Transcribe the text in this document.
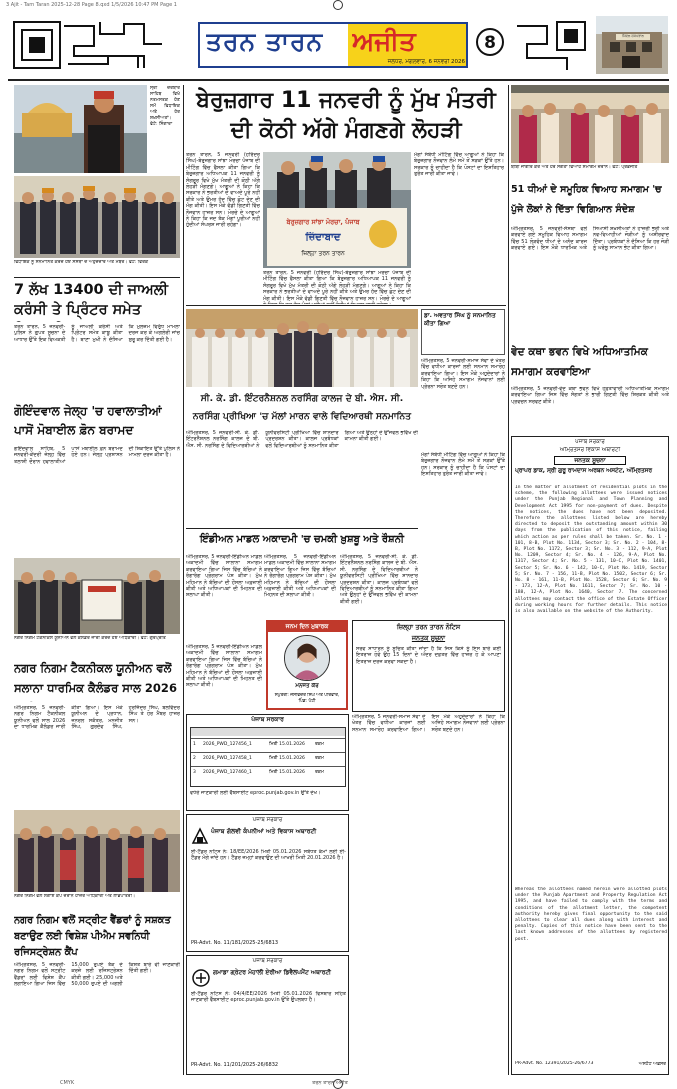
3 Ajit - Tarn Taran 2025-12-28 Page 8.qxd 1/5/2026 10:47 PM Page 1
ਤਰਨ ਤਾਰਨ	ਅਜੀਤ
ਜਲੰਧਰ, ਮੰਗਲਵਾਰ, 6 ਜਨਵਰੀ 2026
8	ਸਿਵਲ ਹਸਪਤਾਲ
ਸ੍ਰੀ ਦਰਬਾਰ ਸਾਹਿਬ ਵਿਖੇ ਨਤਮਸਤਕ ਹੋਣ ਸਮੇਂ ਵਿਧਾਇਕ ਅਤੇ ਹੋਰ ਸ਼ਖ਼ਸੀਅਤਾਂ। ਫੋਟੋ: ਸਿੰਗਾਰਾ
ਵਿਧਾਇਕ ਨੂੰ ਸਨਮਾਨਿਤ ਕਰਦੇ ਹੋਏ ਸੰਸਥਾ ਦੇ ਅਹੁਦੇਦਾਰ ਅਤੇ ਮੈਂਬਰ। ਫੋਟੋ: ਵਿਰਕ
7 ਲੱਖ 13400 ਦੀ ਜਾਅਲੀ ਕਰੰਸੀ ਤੇ ਪ੍ਰਿੰਟਰ ਸਮੇਤ
ਤਰਨ ਤਾਰਨ, 5 ਜਨਵਰੀ-ਪੁਲਿਸ ਨੇ ਗੁਪਤ ਸੂਚਨਾ ਦੇ ਆਧਾਰ ਉੱਤੇ ਇਕ ਵਿਅਕਤੀ ਨੂੰ ਜਾਅਲੀ ਕਰੰਸੀ ਅਤੇ ਪ੍ਰਿੰਟਰ ਸਮੇਤ ਕਾਬੂ ਕੀਤਾ ਹੈ। ਥਾਣਾ ਮੁਖੀ ਨੇ ਦੱਸਿਆ ਕਿ ਮੁਲਜ਼ਮ ਵਿਰੁੱਧ ਮਾਮਲਾ ਦਰਜ ਕਰ ਕੇ ਅਗਲੇਰੀ ਜਾਂਚ ਸ਼ੁਰੂ ਕਰ ਦਿੱਤੀ ਗਈ ਹੈ।
ਗੋਇੰਦਵਾਲ ਜੇਲ੍ਹ 'ਚ ਹਵਾਲਾਤੀਆਂ ਪਾਸੋਂ ਮੋਬਾਈਲ ਫ਼ੋਨ ਬਰਾਮਦ
ਗੋਇੰਦਵਾਲ ਸਾਹਿਬ, 5 ਜਨਵਰੀ-ਕੇਂਦਰੀ ਜੇਲ੍ਹ ਵਿੱਚ ਤਲਾਸ਼ੀ ਦੌਰਾਨ ਹਵਾਲਾਤੀਆਂ ਪਾਸੋਂ ਮੋਬਾਈਲ ਫ਼ੋਨ ਬਰਾਮਦ ਹੋਏ ਹਨ। ਜੇਲ੍ਹ ਪ੍ਰਸ਼ਾਸਨ ਦੀ ਸ਼ਿਕਾਇਤ ਉੱਤੇ ਪੁਲਿਸ ਨੇ ਮਾਮਲਾ ਦਰਜ ਕੀਤਾ ਹੈ।
ਨਗਰ ਨਿਗਮ ਟੈਕਨੀਕਲ ਯੂਨੀਅਨ ਵੱਲੋਂ ਕੈਲੰਡਰ ਜਾਰੀ ਕਰਦੇ ਹੋਏ ਅਧਿਕਾਰੀ। ਫੋਟੋ: ਗੁਰਪ੍ਰੀਤ
ਨਗਰ ਨਿਗਮ ਟੈਕਨੀਕਲ ਯੂਨੀਅਨ ਵਲੋਂ ਸਲਾਨਾ ਧਾਰਮਿਕ ਕੈਲੰਡਰ ਸਾਲ 2026
ਅੰਮ੍ਰਿਤਸਰ, 5 ਜਨਵਰੀ-ਨਗਰ ਨਿਗਮ ਟੈਕਨੀਕਲ ਯੂਨੀਅਨ ਵਲੋਂ ਸਾਲ 2026 ਦਾ ਧਾਰਮਿਕ ਕੈਲੰਡਰ ਜਾਰੀ ਕੀਤਾ ਗਿਆ। ਇਸ ਮੌਕੇ ਯੂਨੀਅਨ ਦੇ ਪ੍ਰਧਾਨ, ਜਨਰਲ ਸਕੱਤਰ, ਮਨਜੀਤ ਸਿੰਘ, ਗੁਰਦੇਵ ਸਿੰਘ, ਹਰਜਿੰਦਰ ਸਿੰਘ, ਬਲਵਿੰਦਰ ਸਿੰਘ ਤੇ ਹੋਰ ਮੈਂਬਰ ਹਾਜ਼ਰ ਸਨ।
ਨਗਰ ਨਿਗਮ ਵਲੋਂ ਲਗਾਏ ਕੈਂਪ ਦੌਰਾਨ ਹਾਜ਼ਰ ਅਧਿਕਾਰੀ ਅਤੇ ਲਾਭਪਾਤਰੀ।
ਨਗਰ ਨਿਗਮ ਵਲੋਂ ਸਟ੍ਰੀਟ ਵੈਂਡਰਾਂ ਨੂੰ ਸਸ਼ਕਤ ਬਣਾਉਣ ਲਈ ਵਿਸ਼ੇਸ਼ ਪੀਐਮ ਸਵਨਿਧੀ ਰਜਿਸਟ੍ਰੇਸ਼ਨ ਕੈਂਪ
ਅੰਮ੍ਰਿਤਸਰ, 5 ਜਨਵਰੀ-ਨਗਰ ਨਿਗਮ ਵਲੋਂ ਸਟ੍ਰੀਟ ਵੈਂਡਰਾਂ ਲਈ ਵਿਸ਼ੇਸ਼ ਕੈਂਪ ਲਗਾਇਆ ਗਿਆ ਜਿਸ ਵਿੱਚ 15,000 ਰੁਪਏ ਤੱਕ ਦੇ ਕਰਜ਼ੇ ਲਈ ਰਜਿਸਟ੍ਰੇਸ਼ਨ ਕੀਤੀ ਗਈ। 25,000 ਅਤੇ 50,000 ਰੁਪਏ ਦੀ ਅਗਲੀ ਕਿਸ਼ਤ ਬਾਰੇ ਵੀ ਜਾਣਕਾਰੀ ਦਿੱਤੀ ਗਈ।
ਬੇਰੁਜ਼ਗਾਰ 11 ਜਨਵਰੀ ਨੂੰ ਮੁੱਖ ਮੰਤਰੀ
ਦੀ ਕੋਠੀ ਅੱਗੇ ਮੰਗਣਗੇ ਲੋਹੜੀ
ਤਰਨ ਤਾਰਨ, 5 ਜਨਵਰੀ (ਹਰਿੰਦਰ ਸਿੰਘ)-ਬੇਰੁਜ਼ਗਾਰ ਸਾਂਝਾ ਮੋਰਚਾ ਪੰਜਾਬ ਦੀ ਮੀਟਿੰਗ ਵਿੱਚ ਫੈਸਲਾ ਕੀਤਾ ਗਿਆ ਕਿ ਬੇਰੁਜ਼ਗਾਰ ਅਧਿਆਪਕ 11 ਜਨਵਰੀ ਨੂੰ ਸੰਗਰੂਰ ਵਿਖੇ ਮੁੱਖ ਮੰਤਰੀ ਦੀ ਕੋਠੀ ਅੱਗੇ ਲੋਹੜੀ ਮੰਗਣਗੇ। ਆਗੂਆਂ ਨੇ ਕਿਹਾ ਕਿ ਸਰਕਾਰ ਨੇ ਭਰਤੀਆਂ ਦੇ ਵਾਅਦੇ ਪੂਰੇ ਨਹੀਂ ਕੀਤੇ ਅਤੇ ਉਮਰ ਹੱਦ ਵਿੱਚ ਛੋਟ ਦੇਣ ਦੀ ਮੰਗ ਕੀਤੀ। ਇਸ ਮੌਕੇ ਵੱਡੀ ਗਿਣਤੀ ਵਿੱਚ ਨੌਜਵਾਨ ਹਾਜ਼ਰ ਸਨ। ਮੋਰਚੇ ਦੇ ਆਗੂਆਂ ਨੇ ਕਿਹਾ ਕਿ ਜਦ ਤੱਕ ਮੰਗਾਂ ਪੂਰੀਆਂ ਨਹੀਂ ਹੁੰਦੀਆਂ ਸੰਘਰਸ਼ ਜਾਰੀ ਰਹੇਗਾ।	ਬੇਰੁਜ਼ਗਾਰ ਸਾਂਝਾ ਮੋਰਚਾ, ਪੰਜਾਬ
ਜ਼ਿੰਦਾਬਾਦ
ਜ਼ਿਲ੍ਹਾ ਤਰਨ ਤਾਰਨ
ਤਰਨ ਤਾਰਨ, 5 ਜਨਵਰੀ (ਹਰਿੰਦਰ ਸਿੰਘ)-ਬੇਰੁਜ਼ਗਾਰ ਸਾਂਝਾ ਮੋਰਚਾ ਪੰਜਾਬ ਦੀ ਮੀਟਿੰਗ ਵਿੱਚ ਫੈਸਲਾ ਕੀਤਾ ਗਿਆ ਕਿ ਬੇਰੁਜ਼ਗਾਰ ਅਧਿਆਪਕ 11 ਜਨਵਰੀ ਨੂੰ ਸੰਗਰੂਰ ਵਿਖੇ ਮੁੱਖ ਮੰਤਰੀ ਦੀ ਕੋਠੀ ਅੱਗੇ ਲੋਹੜੀ ਮੰਗਣਗੇ। ਆਗੂਆਂ ਨੇ ਕਿਹਾ ਕਿ ਸਰਕਾਰ ਨੇ ਭਰਤੀਆਂ ਦੇ ਵਾਅਦੇ ਪੂਰੇ ਨਹੀਂ ਕੀਤੇ ਅਤੇ ਉਮਰ ਹੱਦ ਵਿੱਚ ਛੋਟ ਦੇਣ ਦੀ ਮੰਗ ਕੀਤੀ। ਇਸ ਮੌਕੇ ਵੱਡੀ ਗਿਣਤੀ ਵਿੱਚ ਨੌਜਵਾਨ ਹਾਜ਼ਰ ਸਨ। ਮੋਰਚੇ ਦੇ ਆਗੂਆਂ
ਮੰਗਾਂ ਸੰਬੰਧੀ ਮੀਟਿੰਗ ਵਿੱਚ ਆਗੂਆਂ ਨੇ ਕਿਹਾ ਕਿ ਬੇਰੁਜ਼ਗਾਰ ਨੌਜਵਾਨ ਲੰਮੇ ਸਮੇਂ ਤੋਂ ਸੜਕਾਂ ਉੱਤੇ ਹਨ। ਸਰਕਾਰ ਨੂੰ ਚਾਹੀਦਾ ਹੈ ਕਿ ਪੋਸਟਾਂ ਦਾ ਇਸ਼ਤਿਹਾਰ ਤੁਰੰਤ ਜਾਰੀ ਕੀਤਾ ਜਾਵੇ।
ਸੀ. ਕੇ. ਡੀ. ਇੰਟਰਨੈਸ਼ਨਲ ਨਰਸਿੰਗ ਕਾਲਜ ਦੇ ਬੀ. ਐਸ. ਸੀ. ਨਰਸਿੰਗ ਪ੍ਰੀਖਿਆ 'ਚ ਮੱਲਾਂ ਮਾਰਨ ਵਾਲੇ ਵਿਦਿਆਰਥੀ ਸਨਮਾਨਿਤ
ਅੰਮ੍ਰਿਤਸਰ, 5 ਜਨਵਰੀ-ਸੀ. ਕੇ. ਡੀ. ਇੰਟਰਨੈਸ਼ਨਲ ਨਰਸਿੰਗ ਕਾਲਜ ਦੇ ਬੀ. ਐਸ. ਸੀ. ਨਰਸਿੰਗ ਦੇ ਵਿਦਿਆਰਥੀਆਂ ਨੇ ਯੂਨੀਵਰਸਿਟੀ ਪ੍ਰੀਖਿਆ ਵਿੱਚ ਸ਼ਾਨਦਾਰ ਪ੍ਰਦਰਸ਼ਨ ਕੀਤਾ। ਕਾਲਜ ਪ੍ਰਬੰਧਕਾਂ ਵਲੋਂ ਵਿਦਿਆਰਥੀਆਂ ਨੂੰ ਸਨਮਾਨਿਤ ਕੀਤਾ ਗਿਆ ਅਤੇ ਉਨ੍ਹਾਂ ਦੇ ਉੱਜਵਲ ਭਵਿੱਖ ਦੀ ਕਾਮਨਾ ਕੀਤੀ ਗਈ।
ਡਾ. ਅਵਤਾਰ ਸਿੰਘ ਨੂੰ ਸਨਮਾਨਿਤ ਕੀਤਾ ਗਿਆ
ਅੰਮ੍ਰਿਤਸਰ, 5 ਜਨਵਰੀ-ਸਮਾਜ ਸੇਵਾ ਦੇ ਖੇਤਰ ਵਿੱਚ ਵਧੀਆ ਕਾਰਜਾਂ ਲਈ ਸਨਮਾਨ ਸਮਾਰੋਹ ਕਰਵਾਇਆ ਗਿਆ। ਇਸ ਮੌਕੇ ਅਹੁਦੇਦਾਰਾਂ ਨੇ ਕਿਹਾ ਕਿ ਅਜਿਹੇ ਸਮਾਗਮ ਨੌਜਵਾਨਾਂ ਲਈ ਪ੍ਰੇਰਨਾ ਸਰੋਤ ਬਣਦੇ ਹਨ।
ਮੰਗਾਂ ਸੰਬੰਧੀ ਮੀਟਿੰਗ ਵਿੱਚ ਆਗੂਆਂ ਨੇ ਕਿਹਾ ਕਿ ਬੇਰੁਜ਼ਗਾਰ ਨੌਜਵਾਨ ਲੰਮੇ ਸਮੇਂ ਤੋਂ ਸੜਕਾਂ ਉੱਤੇ ਹਨ। ਸਰਕਾਰ ਨੂੰ ਚਾਹੀਦਾ ਹੈ ਕਿ ਪੋਸਟਾਂ ਦਾ ਇਸ਼ਤਿਹਾਰ ਤੁਰੰਤ ਜਾਰੀ ਕੀਤਾ ਜਾਵੇ।
ਇੰਡੀਅਨ ਮਾਡਲ ਅਕਾਦਮੀ 'ਚ ਚਮਕੀ ਖ਼ੁਸ਼ਬੂ ਅਤੇ ਰੌਸ਼ਨੀ
ਅੰਮ੍ਰਿਤਸਰ, 5 ਜਨਵਰੀ-ਇੰਡੀਅਨ ਮਾਡਲ ਅਕਾਦਮੀ ਵਿੱਚ ਸਾਲਾਨਾ ਸਮਾਗਮ ਕਰਵਾਇਆ ਗਿਆ ਜਿਸ ਵਿੱਚ ਬੱਚਿਆਂ ਨੇ ਰੰਗਾਰੰਗ ਪ੍ਰੋਗਰਾਮ ਪੇਸ਼ ਕੀਤਾ। ਮੁੱਖ ਮਹਿਮਾਨ ਨੇ ਬੱਚਿਆਂ ਦੀ ਹੌਸਲਾ ਅਫ਼ਜ਼ਾਈ ਕੀਤੀ ਅਤੇ ਅਧਿਆਪਕਾਂ ਦੀ ਮਿਹਨਤ ਦੀ ਸ਼ਲਾਘਾ ਕੀਤੀ।
ਅੰਮ੍ਰਿਤਸਰ, 5 ਜਨਵਰੀ-ਇੰਡੀਅਨ ਮਾਡਲ ਅਕਾਦਮੀ ਵਿੱਚ ਸਾਲਾਨਾ ਸਮਾਗਮ ਕਰਵਾਇਆ ਗਿਆ ਜਿਸ ਵਿੱਚ ਬੱਚਿਆਂ ਨੇ ਰੰਗਾਰੰਗ ਪ੍ਰੋਗਰਾਮ ਪੇਸ਼ ਕੀਤਾ। ਮੁੱਖ ਮਹਿਮਾਨ ਨੇ ਬੱਚਿਆਂ ਦੀ ਹੌਸਲਾ ਅਫ਼ਜ਼ਾਈ ਕੀਤੀ ਅਤੇ ਅਧਿਆਪਕਾਂ ਦੀ ਮਿਹਨਤ ਦੀ ਸ਼ਲਾਘਾ ਕੀਤੀ।
ਅੰਮ੍ਰਿਤਸਰ, 5 ਜਨਵਰੀ-ਸੀ. ਕੇ. ਡੀ. ਇੰਟਰਨੈਸ਼ਨਲ ਨਰਸਿੰਗ ਕਾਲਜ ਦੇ ਬੀ. ਐਸ. ਸੀ. ਨਰਸਿੰਗ ਦੇ ਵਿਦਿਆਰਥੀਆਂ ਨੇ ਯੂਨੀਵਰਸਿਟੀ ਪ੍ਰੀਖਿਆ ਵਿੱਚ ਸ਼ਾਨਦਾਰ ਪ੍ਰਦਰਸ਼ਨ ਕੀਤਾ। ਕਾਲਜ ਪ੍ਰਬੰਧਕਾਂ ਵਲੋਂ ਵਿਦਿਆਰਥੀਆਂ ਨੂੰ ਸਨਮਾਨਿਤ ਕੀਤਾ ਗਿਆ ਅਤੇ ਉਨ੍ਹਾਂ ਦੇ ਉੱਜਵਲ ਭਵਿੱਖ ਦੀ ਕਾਮਨਾ ਕੀਤੀ ਗਈ।
ਜਨਮ ਦਿਨ ਮੁਬਾਰਕ
ਮਨਜੋਤ ਕੌਰ
ਸਪੁੱਤਰੀ: ਜਸਵਿੰਦਰ ਸਿੰਘ ਅਤੇ ਪਰਿਵਾਰ, ਪਿੰਡ: ਪੱਟੀ
ਅੰਮ੍ਰਿਤਸਰ, 5 ਜਨਵਰੀ-ਇੰਡੀਅਨ ਮਾਡਲ ਅਕਾਦਮੀ ਵਿੱਚ ਸਾਲਾਨਾ ਸਮਾਗਮ ਕਰਵਾਇਆ ਗਿਆ ਜਿਸ ਵਿੱਚ ਬੱਚਿਆਂ ਨੇ ਰੰਗਾਰੰਗ ਪ੍ਰੋਗਰਾਮ ਪੇਸ਼ ਕੀਤਾ। ਮੁੱਖ ਮਹਿਮਾਨ ਨੇ ਬੱਚਿਆਂ ਦੀ ਹੌਸਲਾ ਅਫ਼ਜ਼ਾਈ ਕੀਤੀ ਅਤੇ ਅਧਿਆਪਕਾਂ ਦੀ ਮਿਹਨਤ ਦੀ ਸ਼ਲਾਘਾ ਕੀਤੀ।
ਜ਼ਿਲ੍ਹਾ ਤਰਨ ਤਾਰਨ ਨੋਟਿਸ
ਜਨਤਕ ਸੂਚਨਾ
ਸਰਵ ਸਾਧਾਰਨ ਨੂੰ ਸੂਚਿਤ ਕੀਤਾ ਜਾਂਦਾ ਹੈ ਕਿ ਜਿਸ ਕਿਸੇ ਨੂੰ ਇਸ ਬਾਰੇ ਕੋਈ ਇਤਰਾਜ਼ ਹੋਵੇ ਉਹ 15 ਦਿਨਾਂ ਦੇ ਅੰਦਰ ਦਫ਼ਤਰ ਵਿੱਚ ਹਾਜ਼ਰ ਹੋ ਕੇ ਆਪਣਾ ਇਤਰਾਜ਼ ਦਰਜ ਕਰਵਾ ਸਕਦਾ ਹੈ।
ਅੰਮ੍ਰਿਤਸਰ, 5 ਜਨਵਰੀ-ਸਮਾਜ ਸੇਵਾ ਦੇ ਖੇਤਰ ਵਿੱਚ ਵਧੀਆ ਕਾਰਜਾਂ ਲਈ ਸਨਮਾਨ ਸਮਾਰੋਹ ਕਰਵਾਇਆ ਗਿਆ। ਇਸ ਮੌਕੇ ਅਹੁਦੇਦਾਰਾਂ ਨੇ ਕਿਹਾ ਕਿ ਅਜਿਹੇ ਸਮਾਗਮ ਨੌਜਵਾਨਾਂ ਲਈ ਪ੍ਰੇਰਨਾ ਸਰੋਤ ਬਣਦੇ ਹਨ।
ਪੰਜਾਬ ਸਰਕਾਰ
1	2026_PWD_127456_1	ਮਿਤੀ 15.01.2026	ਰਕਮ
2	2026_PWD_127458_1	ਮਿਤੀ 15.01.2026	ਰਕਮ
3	2026_PWD_127460_1	ਮਿਤੀ 15.01.2026	ਰਕਮ
ਵਧੇਰੇ ਜਾਣਕਾਰੀ ਲਈ ਵੈੱਬਸਾਈਟ eproc.punjab.gov.in ਉੱਤੇ ਦੇਖੋ।
ਪੰਜਾਬ ਸਰਕਾਰ
ਪੰਜਾਬ ਗੱਲਵੀ ਕੰਪਨੀਆਂ ਅਤੇ ਵਿਕਾਸ ਅਥਾਰਟੀ
ਈ-ਟੈਂਡਰ ਨੋਟਿਸ ਨੰ: 18/EE/2026 ਮਿਤੀ 05.01.2026 ਸਬੰਧਤ ਕੰਮਾਂ ਲਈ ਈ-ਟੈਂਡਰ ਮੰਗੇ ਜਾਂਦੇ ਹਨ। ਟੈਂਡਰ ਜਮ੍ਹਾਂ ਕਰਵਾਉਣ ਦੀ ਆਖਰੀ ਮਿਤੀ 20.01.2026 ਹੈ।
PR-Advt. No. 11/181/2025-25/6813
ਪੰਜਾਬ ਸਰਕਾਰ
ਗਮਾਡਾ ਗ੍ਰੇਟਰ ਮੋਹਾਲੀ ਏਰੀਆ ਡਿਵੈਲਪਮੈਂਟ ਅਥਾਰਟੀ
ਈ-ਟੈਂਡਰ ਨੋਟਿਸ ਨੰ: 04/4/EE/2026 ਮਿਤੀ 05.01.2026 ਵਿਸਥਾਰ ਸਹਿਤ ਜਾਣਕਾਰੀ ਵੈੱਬਸਾਈਟ eproc.punjab.gov.in ਉੱਤੇ ਉਪਲਬਧ ਹੈ।
PR-Advt. No. 11/201/2025-26/6832
ਬੀਬੀ ਜਾਗੀਰ ਕੌਰ ਅਤੇ ਹੋਰ ਸੰਗਤਾਂ ਵਿਆਹ ਸਮਾਗਮ ਦੌਰਾਨ। ਫੋਟੋ: ਪ੍ਰਭਜੀਤ
51 ਧੀਆਂ ਦੇ ਸਮੂਹਿਕ ਵਿਆਹ ਸਮਾਗਮ 'ਚ ਪੁੱਜੇ ਲੋਕਾਂ ਨੇ ਦਿੱਤਾ ਵਿਗਿਆਨ ਸੰਦੇਸ਼
ਅੰਮ੍ਰਿਤਸਰ, 5 ਜਨਵਰੀ-ਸੰਸਥਾ ਵਲੋਂ ਕਰਵਾਏ ਗਏ ਸਮੂਹਿਕ ਵਿਆਹ ਸਮਾਗਮ ਵਿੱਚ 51 ਲੋੜਵੰਦ ਧੀਆਂ ਦੇ ਅਨੰਦ ਕਾਰਜ ਕਰਵਾਏ ਗਏ। ਇਸ ਮੌਕੇ ਧਾਰਮਿਕ ਅਤੇ ਸਿਆਸੀ ਸ਼ਖ਼ਸੀਅਤਾਂ ਨੇ ਹਾਜ਼ਰੀ ਭਰੀ ਅਤੇ ਨਵ-ਵਿਆਹੀਆਂ ਜੋੜੀਆਂ ਨੂੰ ਅਸ਼ੀਰਵਾਦ ਦਿੱਤਾ। ਪ੍ਰਬੰਧਕਾਂ ਨੇ ਦੱਸਿਆ ਕਿ ਹਰ ਜੋੜੀ ਨੂੰ ਘਰੇਲੂ ਸਾਮਾਨ ਭੇਟ ਕੀਤਾ ਗਿਆ।
ਵੇਦ ਕਥਾ ਭਵਨ ਵਿਖੇ ਅਧਿਆਤਮਿਕ ਸਮਾਗਮ ਕਰਵਾਇਆ
ਅੰਮ੍ਰਿਤਸਰ, 5 ਜਨਵਰੀ-ਵੇਦ ਕਥਾ ਭਵਨ ਵਿਖੇ ਹਫ਼ਤਾਵਾਰੀ ਅਧਿਆਤਮਿਕ ਸਮਾਗਮ ਕਰਵਾਇਆ ਗਿਆ ਜਿਸ ਵਿੱਚ ਸੰਗਤਾਂ ਨੇ ਭਾਰੀ ਗਿਣਤੀ ਵਿੱਚ ਸ਼ਿਰਕਤ ਕੀਤੀ ਅਤੇ ਪ੍ਰਵਚਨ ਸਰਵਣ ਕੀਤੇ।
ਪੰਜਾਬ ਸਰਕਾਰ
ਅੰਮ੍ਰਿਤਸਰ ਵਿਕਾਸ ਅਥਾਰਟੀ
ਜਨਤਕ ਸੂਚਨਾ
ਪ੍ਰਾਪਰ ਡਾਕ, ਸ੍ਰੀ ਗੁਰੂ ਰਾਮਦਾਸ ਅਰਬਨ ਅਸਟੇਟ, ਅੰਮ੍ਰਿਤਸਰ
In the matter of allotment of residential plots in the scheme, the following allottees were issued notices under the Punjab Regional and Town Planning and Development Act 1995 for non-payment of dues. Despite the notices, the dues have not been deposited. Therefore the allottees listed below are hereby directed to deposit the outstanding amount within 30 days from the publication of this notice, failing which action as per rules shall be taken. Sr. No. 1 - 101, 8-B, Plot No. 1134, Sector 3; Sr. No. 2 - 104, 8-B, Plot No. 1172, Sector 3; Sr. No. 3 - 112, 9-A, Plot No. 1209, Sector 4; Sr. No. 4 - 126, 9-A, Plot No. 1317, Sector 4; Sr. No. 5 - 131, 10-C, Plot No. 1401, Sector 5; Sr. No. 6 - 142, 10-C, Plot No. 1419, Sector 5; Sr. No. 7 - 156, 11-B, Plot No. 1502, Sector 6; Sr. No. 8 - 161, 11-B, Plot No. 1528, Sector 6; Sr. No. 9 - 173, 12-A, Plot No. 1611, Sector 7; Sr. No. 10 - 188, 12-A, Plot No. 1640, Sector 7. The concerned allottees may contact the office of the Estate Officer during working hours for further details. This notice is also available on the website of the Authority.
Whereas the allottees named herein were allotted plots under the Punjab Apartment and Property Regulation Act 1995, and have failed to comply with the terms and conditions of the allotment letter, the competent authority hereby gives final opportunity to the said allottees to clear all dues along with interest and penalty. Copies of this notice have been sent to the last known addresses of the allottees by registered post.
PR-Advt. No. 12391/2025-26/6773	ਅਸਟੇਟ ਅਫ਼ਸਰ
CMYK	ਤਰਨ ਤਾਰਨ ਅਜੀਤ
